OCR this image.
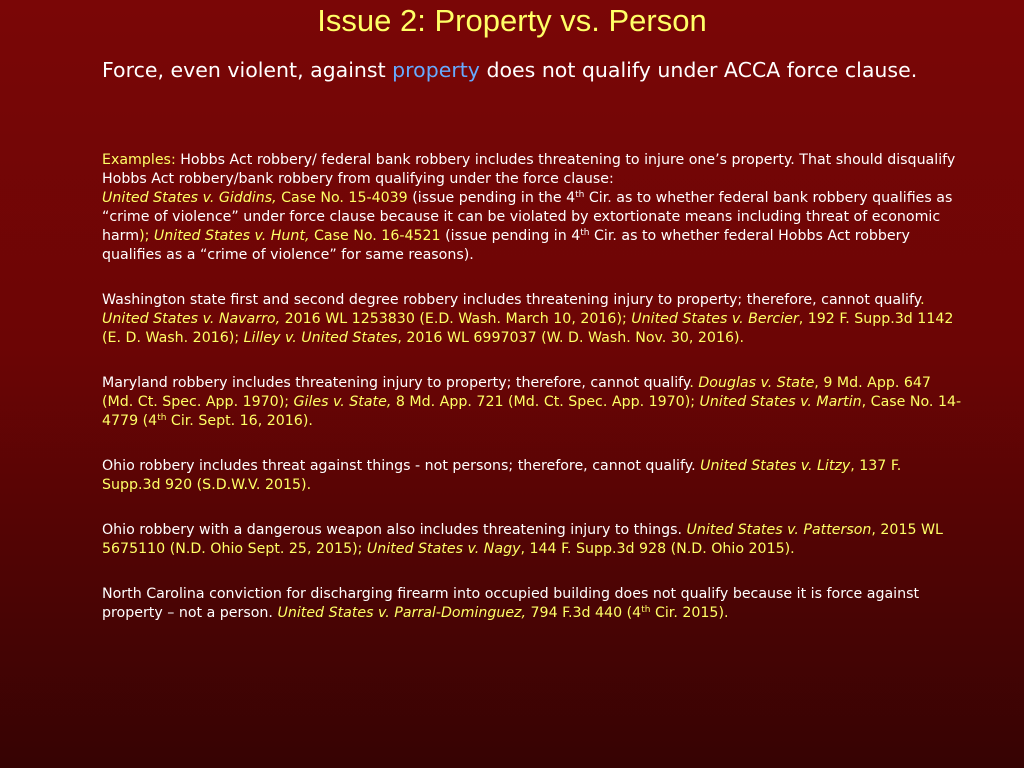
Issue 2: Property vs. Person
Force, even violent, against property does not qualify under ACCA force clause.

Examples: Hobbs Act robbery/ federal bank robbery includes threatening to injure one’s property. That should disqualify Hobbs Act robbery/bank robbery from qualifying under the force clause:

United States v. Giddins, Case No. 15-4039 (issue pending in the 4th Cir. as to whether federal bank robbery qualifies as “crime of violence” under force clause because it can be violated by extortionate means including threat of economic harm); United States v. Hunt, Case No. 16-4521 (issue pending in 4th Cir. as to whether federal Hobbs Act robbery qualifies as a “crime of violence” for same reasons).

Washington state first and second degree robbery includes threatening injury to property; therefore, cannot qualify. United States v. Navarro, 2016 WL 1253830 (E.D. Wash. March 10, 2016); United States v. Bercier, 192 F. Supp.3d 1142 (E. D. Wash. 2016); Lilley v. United States, 2016 WL 6997037 (W. D. Wash. Nov. 30, 2016).

Maryland robbery includes threatening injury to property; therefore, cannot qualify. Douglas v. State, 9 Md. App. 647 (Md. Ct. Spec. App. 1970); Giles v. State, 8 Md. App. 721 (Md. Ct. Spec. App. 1970); United States v. Martin, Case No. 14-4779 (4th Cir. Sept. 16, 2016).

Ohio robbery includes threat against things - not persons; therefore, cannot qualify. United States v. Litzy, 137 F. Supp.3d 920 (S.D.W.V. 2015).

Ohio robbery with a dangerous weapon also includes threatening injury to things. United States v. Patterson, 2015 WL 5675110 (N.D. Ohio Sept. 25, 2015); United States v. Nagy, 144 F. Supp.3d 928 (N.D. Ohio 2015).

North Carolina conviction for discharging firearm into occupied building does not qualify because it is force against property – not a person. United States v. Parral-Dominguez, 794 F.3d 440 (4th Cir. 2015).
